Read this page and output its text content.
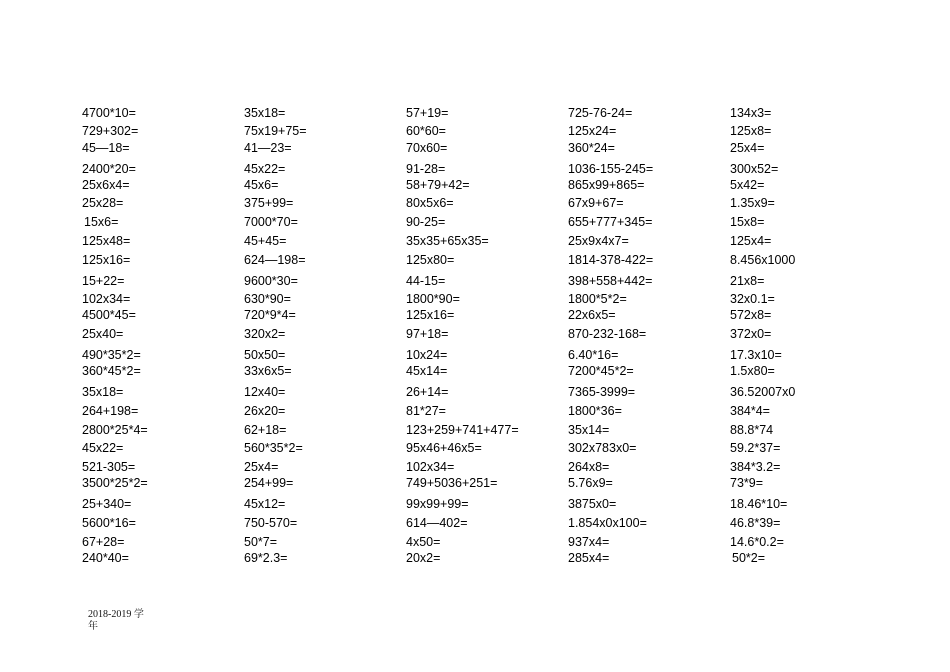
4700*10=
729+302=
45—18=
2400*20=
25x6x4=
25x28=
15x6=
125x48=
125x16=
15+22=
102x34=
4500*45=
25x40=
490*35*2=
360*45*2=
35x18=
264+198=
2800*25*4=
45x22=
521-305=
3500*25*2=
25+340=
5600*16=
67+28=
240*40=
35x18=
75x19+75=
41—23=
45x22=
45x6=
375+99=
7000*70=
45+45=
624—198=
9600*30=
630*90=
720*9*4=
320x2=
50x50=
33x6x5=
12x40=
26x20=
62+18=
560*35*2=
25x4=
254+99=
45x12=
750-570=
50*7=
69*2.3=
57+19=
60*60=
70x60=
91-28=
58+79+42=
80x5x6=
90-25=
35x35+65x35=
125x80=
44-15=
1800*90=
125x16=
97+18=
10x24=
45x14=
26+14=
81*27=
123+259+741+477=
95x46+46x5=
102x34=
749+5036+251=
99x99+99=
614—402=
4x50=
20x2=
725-76-24=
125x24=
360*24=
1036-155-245=
865x99+865=
67x9+67=
655+777+345=
25x9x4x7=
1814-378-422=
398+558+442=
1800*5*2=
22x6x5=
870-232-168=
6.40*16=
7200*45*2=
7365-3999=
1800*36=
35x14=
302x783x0=
264x8=
5.76x9=
3875x0=
1.854x0x100=
937x4=
285x4=
134x3=
125x8=
25x4=
300x52=
5x42=
1.35x9=
15x8=
125x4=
8.456x1000
21x8=
32x0.1=
572x8=
372x0=
17.3x10=
1.5x80=
36.52007x0
384*4=
88.8*74
59.2*37=
384*3.2=
73*9=
18.46*10=
46.8*39=
14.6*0.2=
50*2=
2018-2019 学
年
